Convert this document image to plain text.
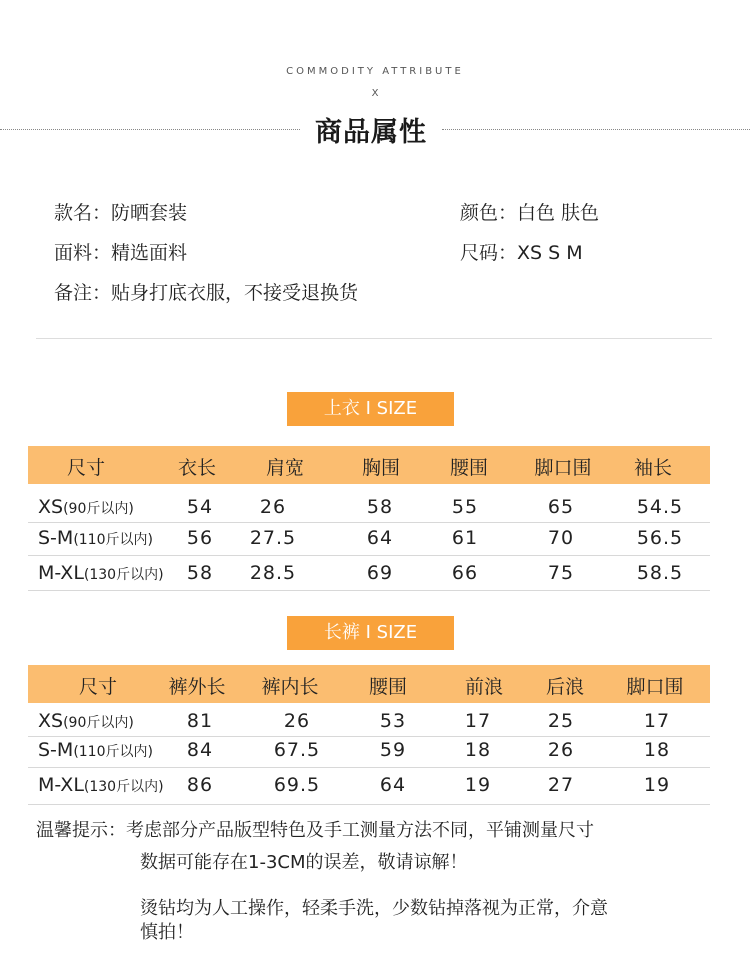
COMMODITY ATTRIBUTE
X
商品属性
款名：防晒套装
面料：精选面料
备注：贴身打底衣服，不接受退换货
颜色：白色 肤色
尺码：XS S M
上衣 I SIZE
尺寸	衣长	肩宽	胸围	腰围 脚口围 袖长
XS(90斤以内)	54 26	58	55	65	54.5
S-M(110斤以内) 56 27.5	64	61	70	56.5
M-XL(130斤以内) 58 28.5	69	66	75	58.5
长裤 I SIZE
尺寸	裤外长 裤内长	腰围	前浪 后浪 脚口围
XS(90斤以内)	81	26	53	17	25	17
S-M(110斤以内) 84	67.5	59	18	26	18
M-XL(130斤以内) 86	69.5	64	19	27	19
温馨提示：考虑部分产品版型特色及手工测量方法不同，平铺测量尺寸
数据可能存在1-3CM的误差，敬请谅解！
烫钻均为人工操作，轻柔手洗，少数钻掉落视为正常，介意
慎拍！
